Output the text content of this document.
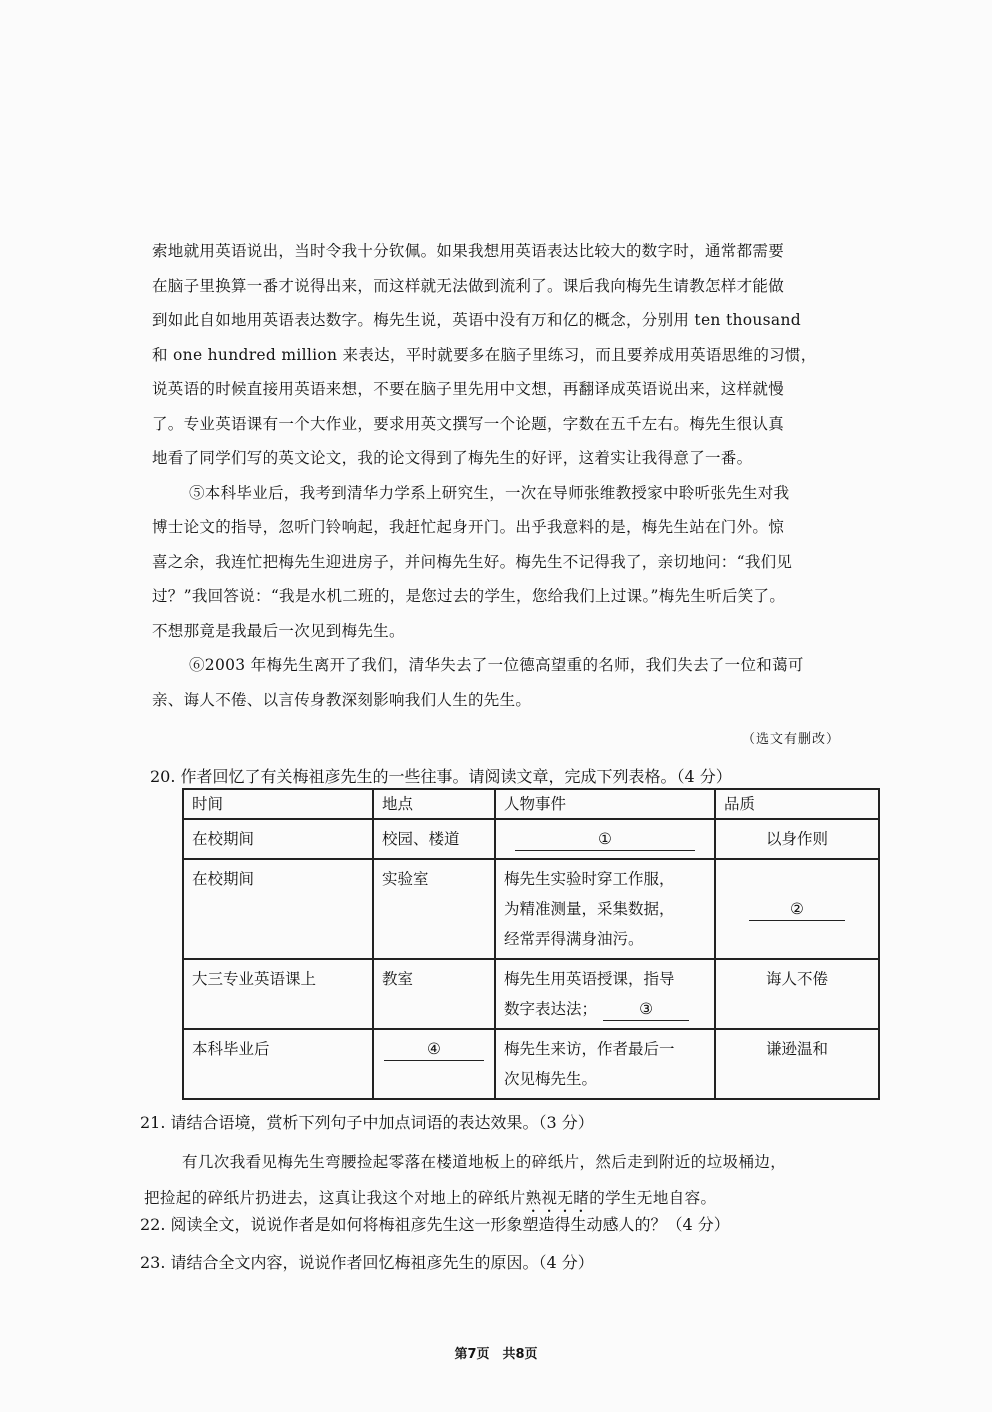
索地就用英语说出，当时令我十分钦佩。如果我想用英语表达比较大的数字时，通常都需要
在脑子里换算一番才说得出来，而这样就无法做到流利了。课后我向梅先生请教怎样才能做
到如此自如地用英语表达数字。梅先生说，英语中没有万和亿的概念，分别用 ten thousand
和 one hundred million 来表达，平时就要多在脑子里练习，而且要养成用英语思维的习惯，
说英语的时候直接用英语来想，不要在脑子里先用中文想，再翻译成英语说出来，这样就慢
了。专业英语课有一个大作业，要求用英文撰写一个论题，字数在五千左右。梅先生很认真
地看了同学们写的英文论文，我的论文得到了梅先生的好评，这着实让我得意了一番。
⑤本科毕业后，我考到清华力学系上研究生，一次在导师张维教授家中聆听张先生对我
博士论文的指导，忽听门铃响起，我赶忙起身开门。出乎我意料的是，梅先生站在门外。惊
喜之余，我连忙把梅先生迎进房子，并问梅先生好。梅先生不记得我了，亲切地问：“我们见
过？”我回答说：“我是水机二班的，是您过去的学生，您给我们上过课。”梅先生听后笑了。
不想那竟是我最后一次见到梅先生。
⑥2003 年梅先生离开了我们，清华失去了一位德高望重的名师，我们失去了一位和蔼可
亲、诲人不倦、以言传身教深刻影响我们人生的先生。
（选文有删改）
20. 作者回忆了有关梅祖彦先生的一些往事。请阅读文章，完成下列表格。（4 分）
时间	地点	人物事件	品质
在校期间	校园、楼道	①	以身作则
在校期间	实验室	梅先生实验时穿工作服，
为精准测量，采集数据，
经常弄得满身油污。	②
大三专业英语课上	教室	梅先生用英语授课，指导
数字表达法； ③	诲人不倦
本科毕业后	④	梅先生来访，作者最后一
次见梅先生。	谦逊温和
21. 请结合语境，赏析下列句子中加点词语的表达效果。（3 分）
有几次我看见梅先生弯腰捡起零落在楼道地板上的碎纸片，然后走到附近的垃圾桶边，
把捡起的碎纸片扔进去，这真让我这个对地上的碎纸片熟视无睹的学生无地自容。
22. 阅读全文，说说作者是如何将梅祖彦先生这一形象塑造得生动感人的？（4 分）
23. 请结合全文内容，说说作者回忆梅祖彦先生的原因。（4 分）
第7页　共8页
